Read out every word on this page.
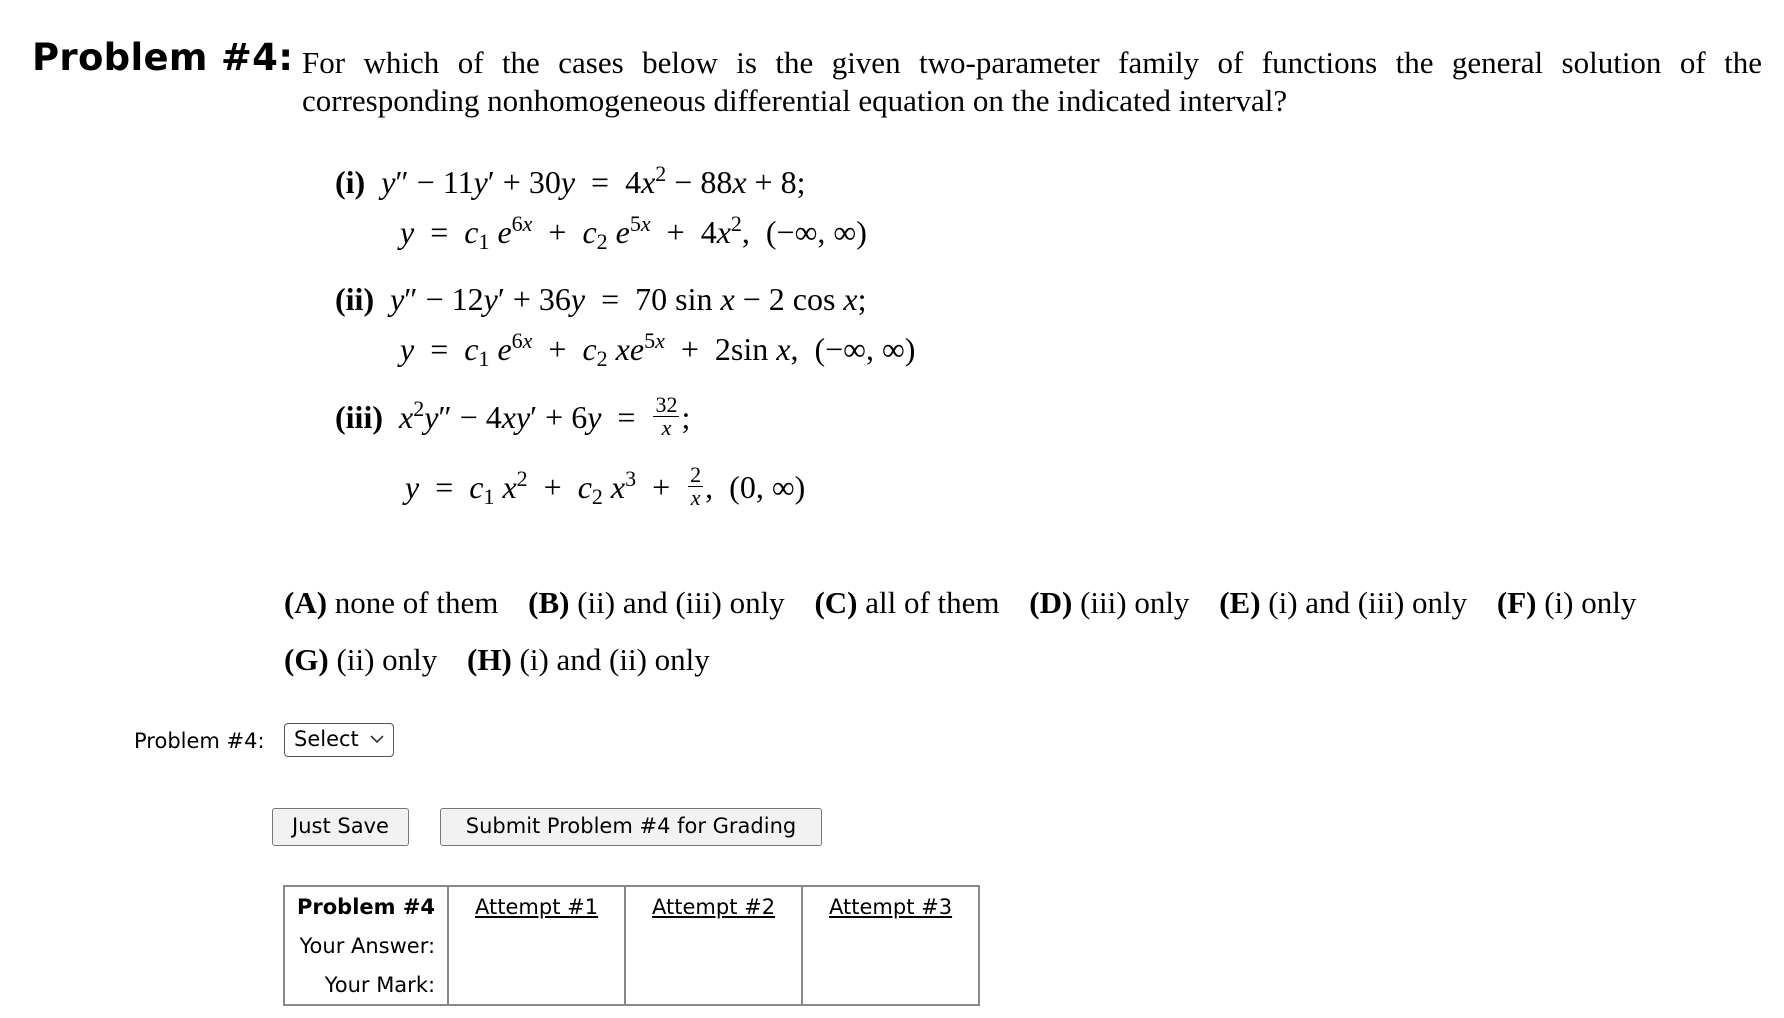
Problem #4: For which of the cases below is the given two-parameter family of functions the general solution of the corresponding nonhomogeneous differential equation on the indicated interval?
(i) $y'' - 11y' + 30y = 4x^2 - 88x + 8$;
$y = c_1$ $e^{6x} + c_2$ $e^{5x} + 4x^2$,  (−∞, ∞)
(ii) y″ − 12y′ + 36y  =  70 sin x − 2 cos x;
$y = c_1$ $e^{6x} + c_2$ $xe^{5x} + 2\sin$ x,  (−∞, ∞)
(iii) $x^2y'' - 4xy' + 6y = \frac{32}{x}$ ;
$y = c_1$ $x^2 + c_2$ $x^3 + \frac{2}{x}$ ,  (0, ∞)
(A) none of them (B) (ii) and (iii) only (C) all of them (D) (iii) only (E) (i) and (iii) only (F) (i) only
(G) (ii) only (H) (i) and (ii) only
Problem #4:	Select
Just Save	Submit Problem #4 for Grading
Problem #4	Attempt #1	Attempt #2	Attempt #3
Your Answer:			
Your Mark:			
